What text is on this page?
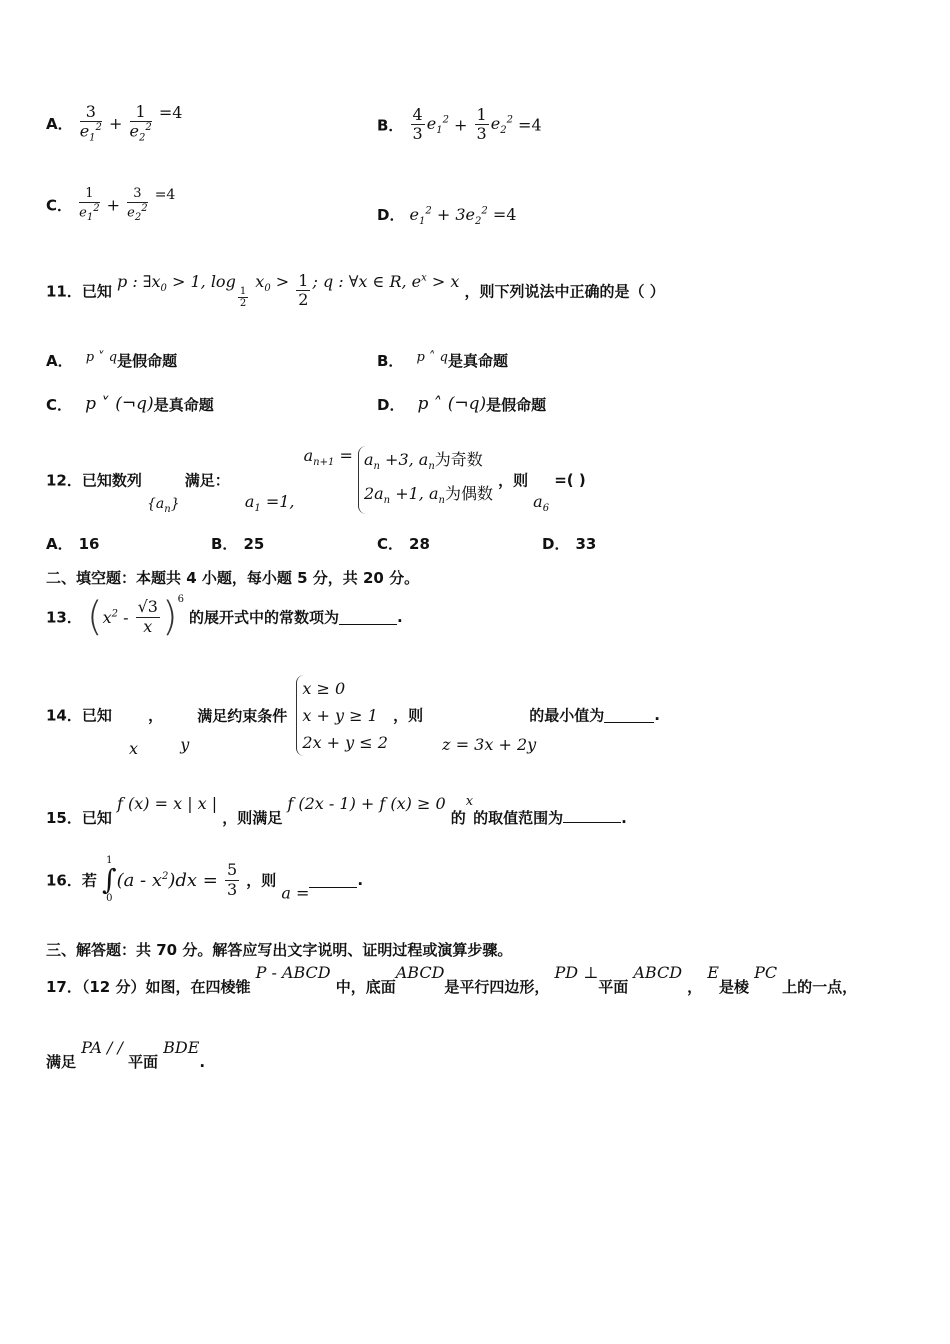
A． $\frac{3}{e_1^2} + \frac{1}{e_2^2} =4$
B． $\frac{4}{3} e_1^2 + \frac{1}{3} e_2^2 =4$
C． $\frac{1}{e_1^2} + \frac{3}{e_2^2} =4$
D． $e_1^2 + 3e_2^2 =4$
11．已知 p : $\exists x_0 > 1$, log
$\frac{1}{2}$
$x_0 > \frac{1}{2}$ ; q : ∀x ∈ R, $e^x > x$ ，则下列说法中正确的是（ ）
A． $^{p ˅ q}$是假命题	B． $^{p ˄ q}$是真命题
C． p ˅ (¬q)是真命题	D． p ˄ (¬q)是假命题
12．已知数列 $\{a_n\}$ 满足： $a_1 =1$, $a_{n+1} = a_n +3$, $a_n$为奇数
$2a_n +1$, $a_n$为偶数
，则 $a_6$ =( )
A． 16	B． 25	C． 28	D． 33
二、填空题：本题共 4 小题，每小题 5 分，共 20 分。
13． $(x^2 - \frac{√3}{x} )^6$ 的展开式中的常数项为	.
14．已知
x
，
y
满足约束条件
x ≥ 0
x + y ≥ 1
2x + y ≤ 2
，则
z = 3x + 2y
的最小值为	.
15．已知 f (x) = x | x | ，则满足 f (2x - 1) + f (x) ≥ 0 的$^x$的取值范围为	.
16．若
1
∫
0
$(a - x^2)dx = \frac{5}{3}$ ，则 a =.
三、解答题：共 70 分。解答应写出文字说明、证明过程或演算步骤。
17．（12 分）如图，在四棱锥 P - ABCD 中，底面ABCD是平行四边形， PD ⊥平面 ABCD ， E是棱 PC 上的一点，
满足 PA / / 平面 BDE.
